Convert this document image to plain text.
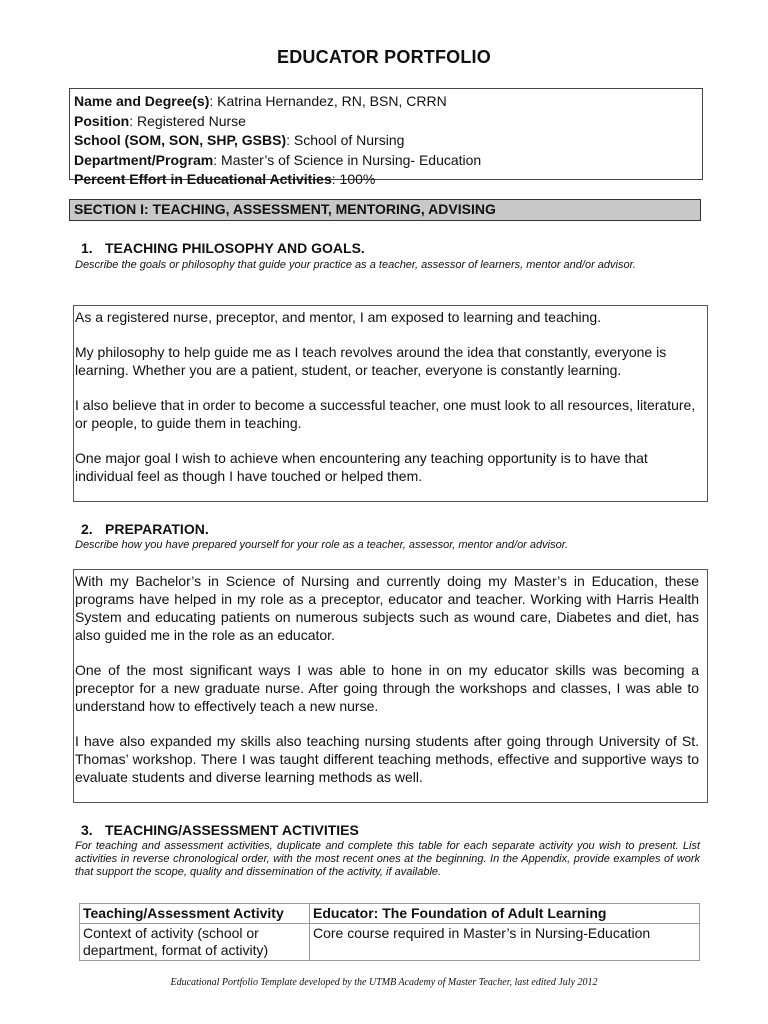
EDUCATOR PORTFOLIO
Name and Degree(s): Katrina Hernandez, RN, BSN, CRRN
Position: Registered Nurse
School (SOM, SON, SHP, GSBS): School of Nursing
Department/Program: Master’s of Science in Nursing- Education
Percent Effort in Educational Activities: 100%
SECTION I: TEACHING, ASSESSMENT, MENTORING, ADVISING
1. TEACHING PHILOSOPHY AND GOALS.
Describe the goals or philosophy that guide your practice as a teacher, assessor of learners, mentor and/or advisor.

As a registered nurse, preceptor, and mentor, I am exposed to learning and teaching.

My philosophy to help guide me as I teach revolves around the idea that constantly, everyone is learning. Whether you are a patient, student, or teacher, everyone is constantly learning.

I also believe that in order to become a successful teacher, one must look to all resources, literature, or people, to guide them in teaching.

One major goal I wish to achieve when encountering any teaching opportunity is to have that individual feel as though I have touched or helped them.

2. PREPARATION.
Describe how you have prepared yourself for your role as a teacher, assessor, mentor and/or advisor.

With my Bachelor’s in Science of Nursing and currently doing my Master’s in Education, these programs have helped in my role as a preceptor, educator and teacher. Working with Harris Health System and educating patients on numerous subjects such as wound care, Diabetes and diet, has also guided me in the role as an educator.

One of the most significant ways I was able to hone in on my educator skills was becoming a preceptor for a new graduate nurse. After going through the workshops and classes, I was able to understand how to effectively teach a new nurse.

I have also expanded my skills also teaching nursing students after going through University of St. Thomas’ workshop. There I was taught different teaching methods, effective and supportive ways to evaluate students and diverse learning methods as well.

3. TEACHING/ASSESSMENT ACTIVITIES
For teaching and assessment activities, duplicate and complete this table for each separate activity you wish to present. List activities in reverse chronological order, with the most recent ones at the beginning. In the Appendix, provide examples of work that support the scope, quality and dissemination of the activity, if available.
Teaching/Assessment Activity	Educator: The Foundation of Adult Learning
Context of activity (school or department, format of activity)	Core course required in Master’s in Nursing-Education
Educational Portfolio Template developed by the UTMB Academy of Master Teacher, last edited July 2012
